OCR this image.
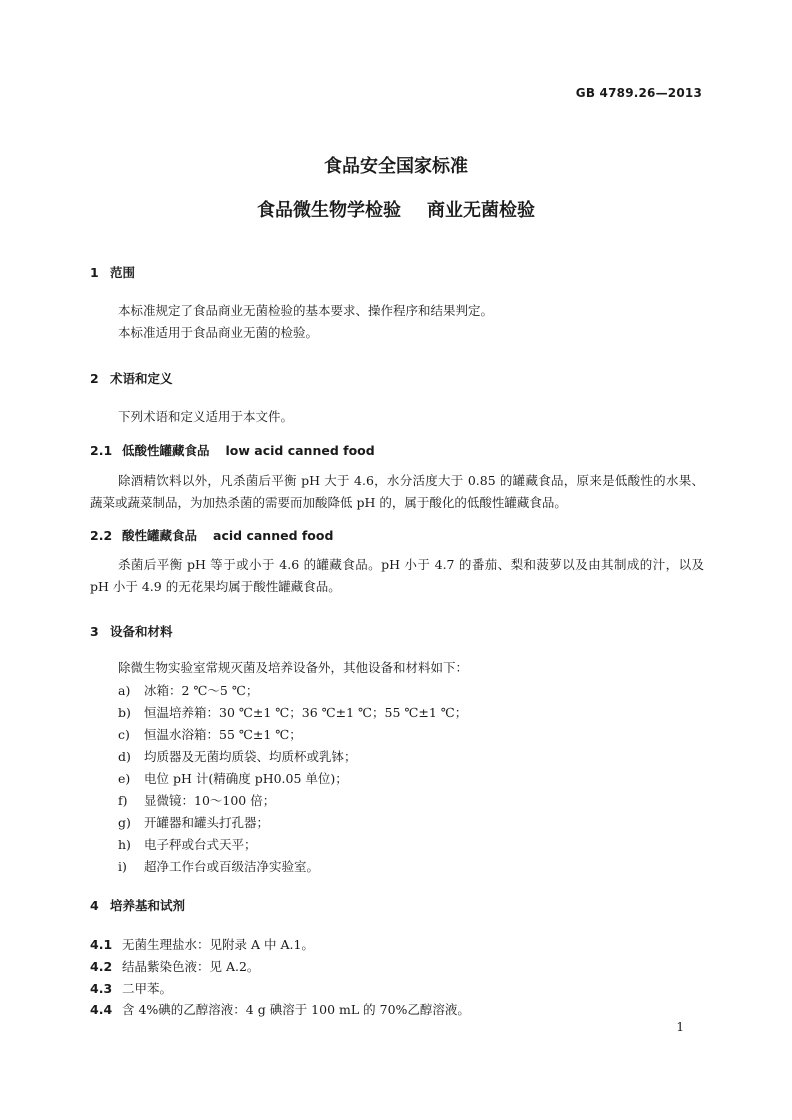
GB 4789.26—2013
食品安全国家标准
食品微生物学检验 商业无菌检验
1 范围
本标准规定了食品商业无菌检验的基本要求、操作程序和结果判定。
本标准适用于食品商业无菌的检验。
2 术语和定义
下列术语和定义适用于本文件。
2.1 低酸性罐藏食品 low acid canned food
除酒精饮料以外，凡杀菌后平衡 pH 大于 4.6，水分活度大于 0.85 的罐藏食品，原来是低酸性的水果、蔬菜或蔬菜制品，为加热杀菌的需要而加酸降低 pH 的，属于酸化的低酸性罐藏食品。
2.2 酸性罐藏食品 acid canned food
杀菌后平衡 pH 等于或小于 4.6 的罐藏食品。pH 小于 4.7 的番茄、梨和菠萝以及由其制成的汁，以及 pH 小于 4.9 的无花果均属于酸性罐藏食品。
3 设备和材料
除微生物实验室常规灭菌及培养设备外，其他设备和材料如下：
a) 冰箱：2 ℃～5 ℃；
b) 恒温培养箱：30 ℃±1 ℃；36 ℃±1 ℃；55 ℃±1 ℃；
c) 恒温水浴箱：55 ℃±1 ℃；
d) 均质器及无菌均质袋、均质杯或乳钵；
e) 电位 pH 计(精确度 pH0.05 单位)；
f) 显微镜：10～100 倍；
g) 开罐器和罐头打孔器；
h) 电子秤或台式天平；
i) 超净工作台或百级洁净实验室。
4 培养基和试剂
4.1 无菌生理盐水：见附录 A 中 A.1。
4.2 结晶紫染色液：见 A.2。
4.3 二甲苯。
4.4 含 4%碘的乙醇溶液：4 g 碘溶于 100 mL 的 70%乙醇溶液。
1
